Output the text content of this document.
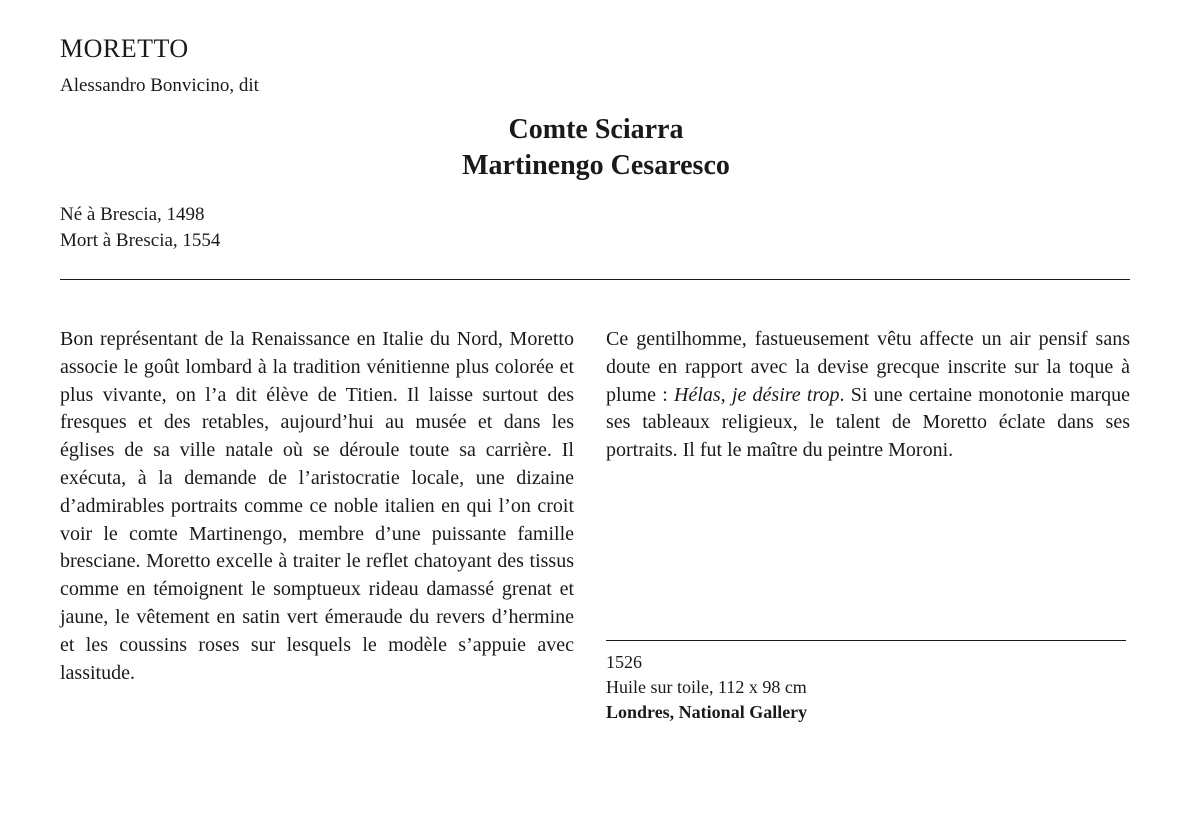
MORETTO
Alessandro Bonvicino, dit
Comte Sciarra
Martinengo Cesaresco
Né à Brescia, 1498
Mort à Brescia, 1554
Bon représentant de la Renaissance en Italie du Nord, Moretto associe le goût lombard à la tradition vénitienne plus colorée et plus vivante, on l’a dit élève de Titien. Il laisse surtout des fresques et des retables, aujourd’hui au musée et dans les églises de sa ville natale où se déroule toute sa carrière. Il exécuta, à la demande de l’aristocratie locale, une dizaine d’admirables portraits comme ce noble italien en qui l’on croit voir le comte Martinengo, membre d’une puissante famille bresciane. Moretto excelle à traiter le reflet chatoyant des tissus comme en témoignent le somptueux rideau damassé grenat et jaune, le vêtement en satin vert émeraude du revers d’hermine et les coussins roses sur lesquels le modèle s’appuie avec lassitude.
Ce gentilhomme, fastueusement vêtu affecte un air pensif sans doute en rapport avec la devise grecque inscrite sur la toque à plume : Hélas, je désire trop. Si une certaine monotonie marque ses tableaux religieux, le talent de Moretto éclate dans ses portraits. Il fut le maître du peintre Moroni.
1526
Huile sur toile, 112 x 98 cm
Londres, National Gallery
